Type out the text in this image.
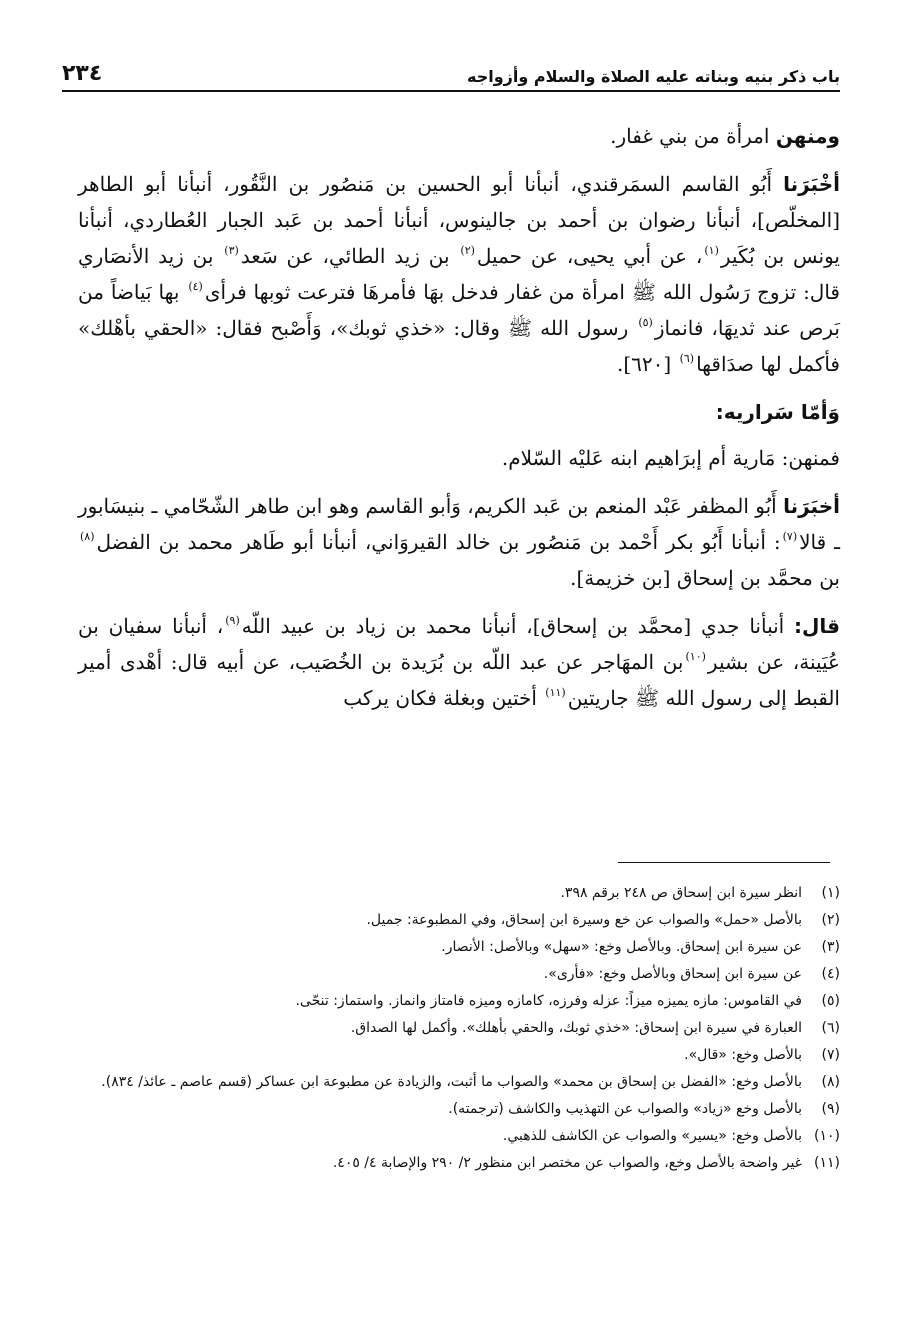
باب ذكر بنيه وبناته عليه الصلاة والسلام وأزواجه
٢٣٤

ومنهن امرأة من بني غفار.

أخْبَرَنا أَبُو القاسم السمَرقندي، أنبأنا أبو الحسين بن مَنصُور بن النَّقُور، أنبأنا أبو الطاهر [المخلّص]، أنبأنا رضوان بن أحمد بن جالينوس، أنبأنا أحمد بن عَبد الجبار العُطاردي، أنبأنا يونس بن بُكَير$^{(١)}$، عن أبي يحيى، عن حميل$^{(٢)}$ بن زيد الطائي، عن سَعد$^{(٣)}$ بن زيد الأنصَاري قال: تزوج رَسُول الله ﷺ امرأة من غفار فدخل بهَا فأمرهَا فترعت ثوبها فرأى$^{(٤)}$ بها بَياضاً من بَرص عند ثديهَا، فانماز$^{(٥)}$ رسول الله ﷺ وقال: «خذي ثوبك»، وَأَصْبح فقال: «الحقي بأهْلك» فأكمل لها صدَاقها$^{(٦)}$ [٦٢٠].

وَأمّا سَراريه:

فمنهن: مَارية أم إبرَاهيم ابنه عَليْه السّلام.

أخبَرَنا أَبُو المظفر عَبْد المنعم بن عَبد الكريم، وَأبو القاسم وهو ابن طاهر الشّحّامي ـ بنيسَابور ـ قالا$^{(٧)}$: أنبأنا أَبُو بكر أَحْمد بن مَنصُور بن خالد القيروَاني، أنبأنا أبو طَاهر محمد بن الفضل$^{(٨)}$ بن محمَّد بن إسحاق [بن خزيمة].

قال: أنبأنا جدي [محمَّد بن إسحاق]، أنبأنا محمد بن زياد بن عبيد اللّه$^{(٩)}$، أنبأنا سفيان بن عُيَينة، عن بشير$^{(١٠)}$بن المهَاجر عن عبد اللّه بن بُرَيدة بن الخُصَيب، عن أبيه قال: أهْدى أمير القبط إلى رسول الله ﷺ جاريتين$^{(١١)}$ أختين وبغلة فكان يركب

(١)
انظر سيرة ابن إسحاق ص ٢٤٨ برقم ٣٩٨.
(٢)
بالأصل «حمل» والصواب عن خع وسيرة ابن إسحاق، وفي المطبوعة: جميل.
(٣)
عن سيرة ابن إسحاق. وبالأصل وخع: «سهل» وبالأصل: الأنصار.
(٤)
عن سيرة ابن إسحاق وبالأصل وخع: «فأرى».
(٥)
في القاموس: مازه يميزه ميزاً: عزله وفرزه، كامازه وميزه فامتاز وانماز. واستماز: تنحّى.
(٦)
العبارة في سيرة ابن إسحاق: «خذي ثوبك، والحقي بأهلك». وأكمل لها الصداق.
(٧)
بالأصل وخع: «قال».
(٨)
بالأصل وخع: «الفضل بن إسحاق بن محمد» والصواب ما أثبت، والزيادة عن مطبوعة ابن عساكر (قسم عاصم ـ عائذ/ ٨٣٤).
(٩)
بالأصل وخع «زياد» والصواب عن التهذيب والكاشف (ترجمته).
(١٠)
بالأصل وخع: «يسير» والصواب عن الكاشف للذهبي.
(١١)
غير واضحة بالأصل وخع، والصواب عن مختصر ابن منظور ٢/ ٢٩٠ والإصابة ٤/ ٤٠٥.
